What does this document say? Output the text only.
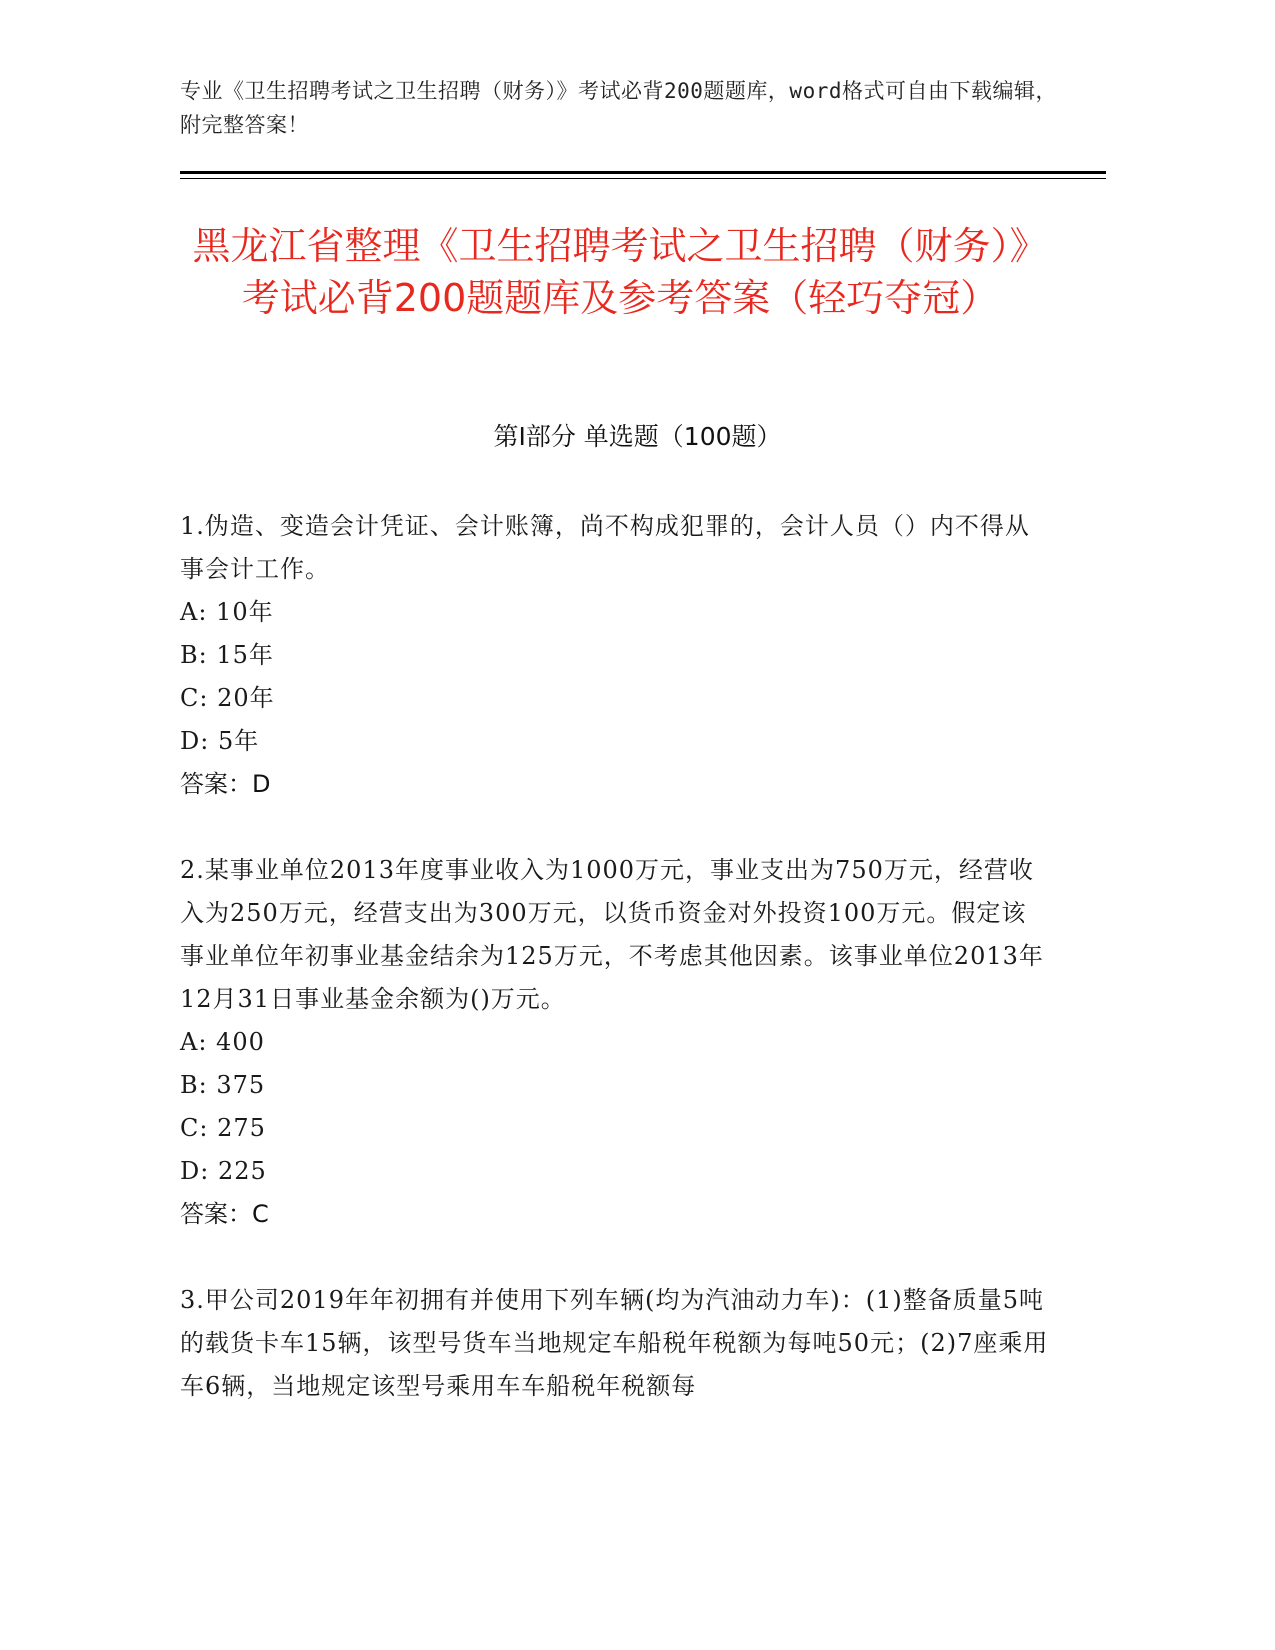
专业《卫生招聘考试之卫生招聘（财务）》考试必背200题题库，word格式可自由下载编辑，附完整答案！
黑龙江省整理《卫生招聘考试之卫生招聘（财务）》考试必背200题题库及参考答案（轻巧夺冠）
第I部分 单选题（100题）
1.伪造、变造会计凭证、会计账簿，尚不构成犯罪的，会计人员（）内不得从事会计工作。
A: 10年
B: 15年
C: 20年
D: 5年
答案：D
2.某事业单位2013年度事业收入为1000万元，事业支出为750万元，经营收入为250万元，经营支出为300万元，以货币资金对外投资100万元。假定该事业单位年初事业基金结余为125万元，不考虑其他因素。该事业单位2013年12月31日事业基金余额为()万元。
A: 400
B: 375
C: 275
D: 225
答案：C
3.甲公司2019年年初拥有并使用下列车辆(均为汽油动力车)：(1)整备质量5吨的载货卡车15辆，该型号货车当地规定车船税年税额为每吨50元；(2)7座乘用车6辆，当地规定该型号乘用车车船税年税额每
